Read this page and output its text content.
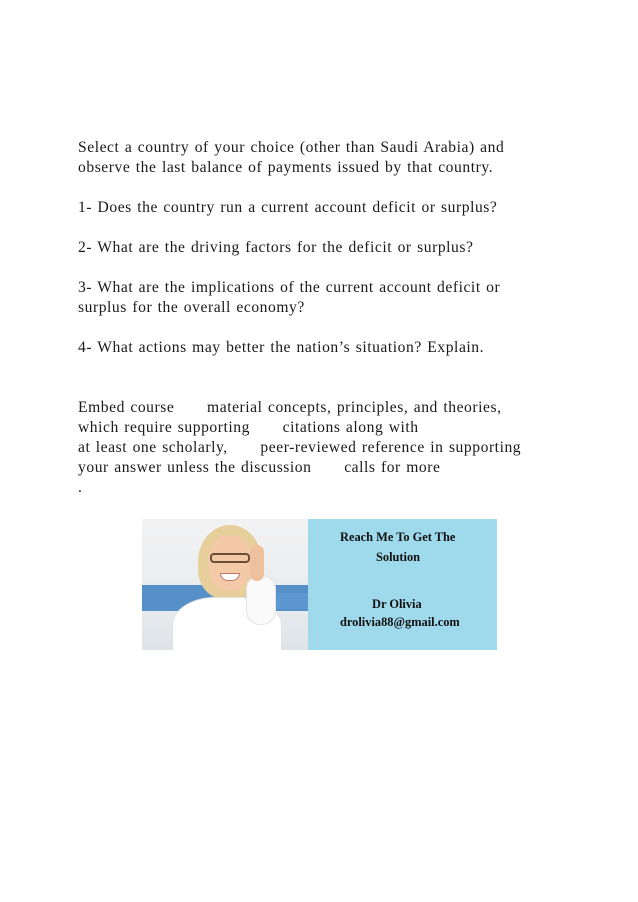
Select a country of your choice (other than Saudi Arabia) and

observe the last balance of payments issued by that country.

1- Does the country run a current account deficit or surplus?

2- What are the driving factors for the deficit or surplus?

3- What are the implications of the current account deficit or

surplus for the overall economy?

4- What actions may better the nation’s situation? Explain.

Embed course      material concepts, principles, and theories,

which require supporting      citations along with

at least one scholarly,      peer-reviewed reference in supporting

your answer unless the discussion      calls for more

.

Reach Me To Get The
Solution
Dr Olivia
drolivia88@gmail.com
